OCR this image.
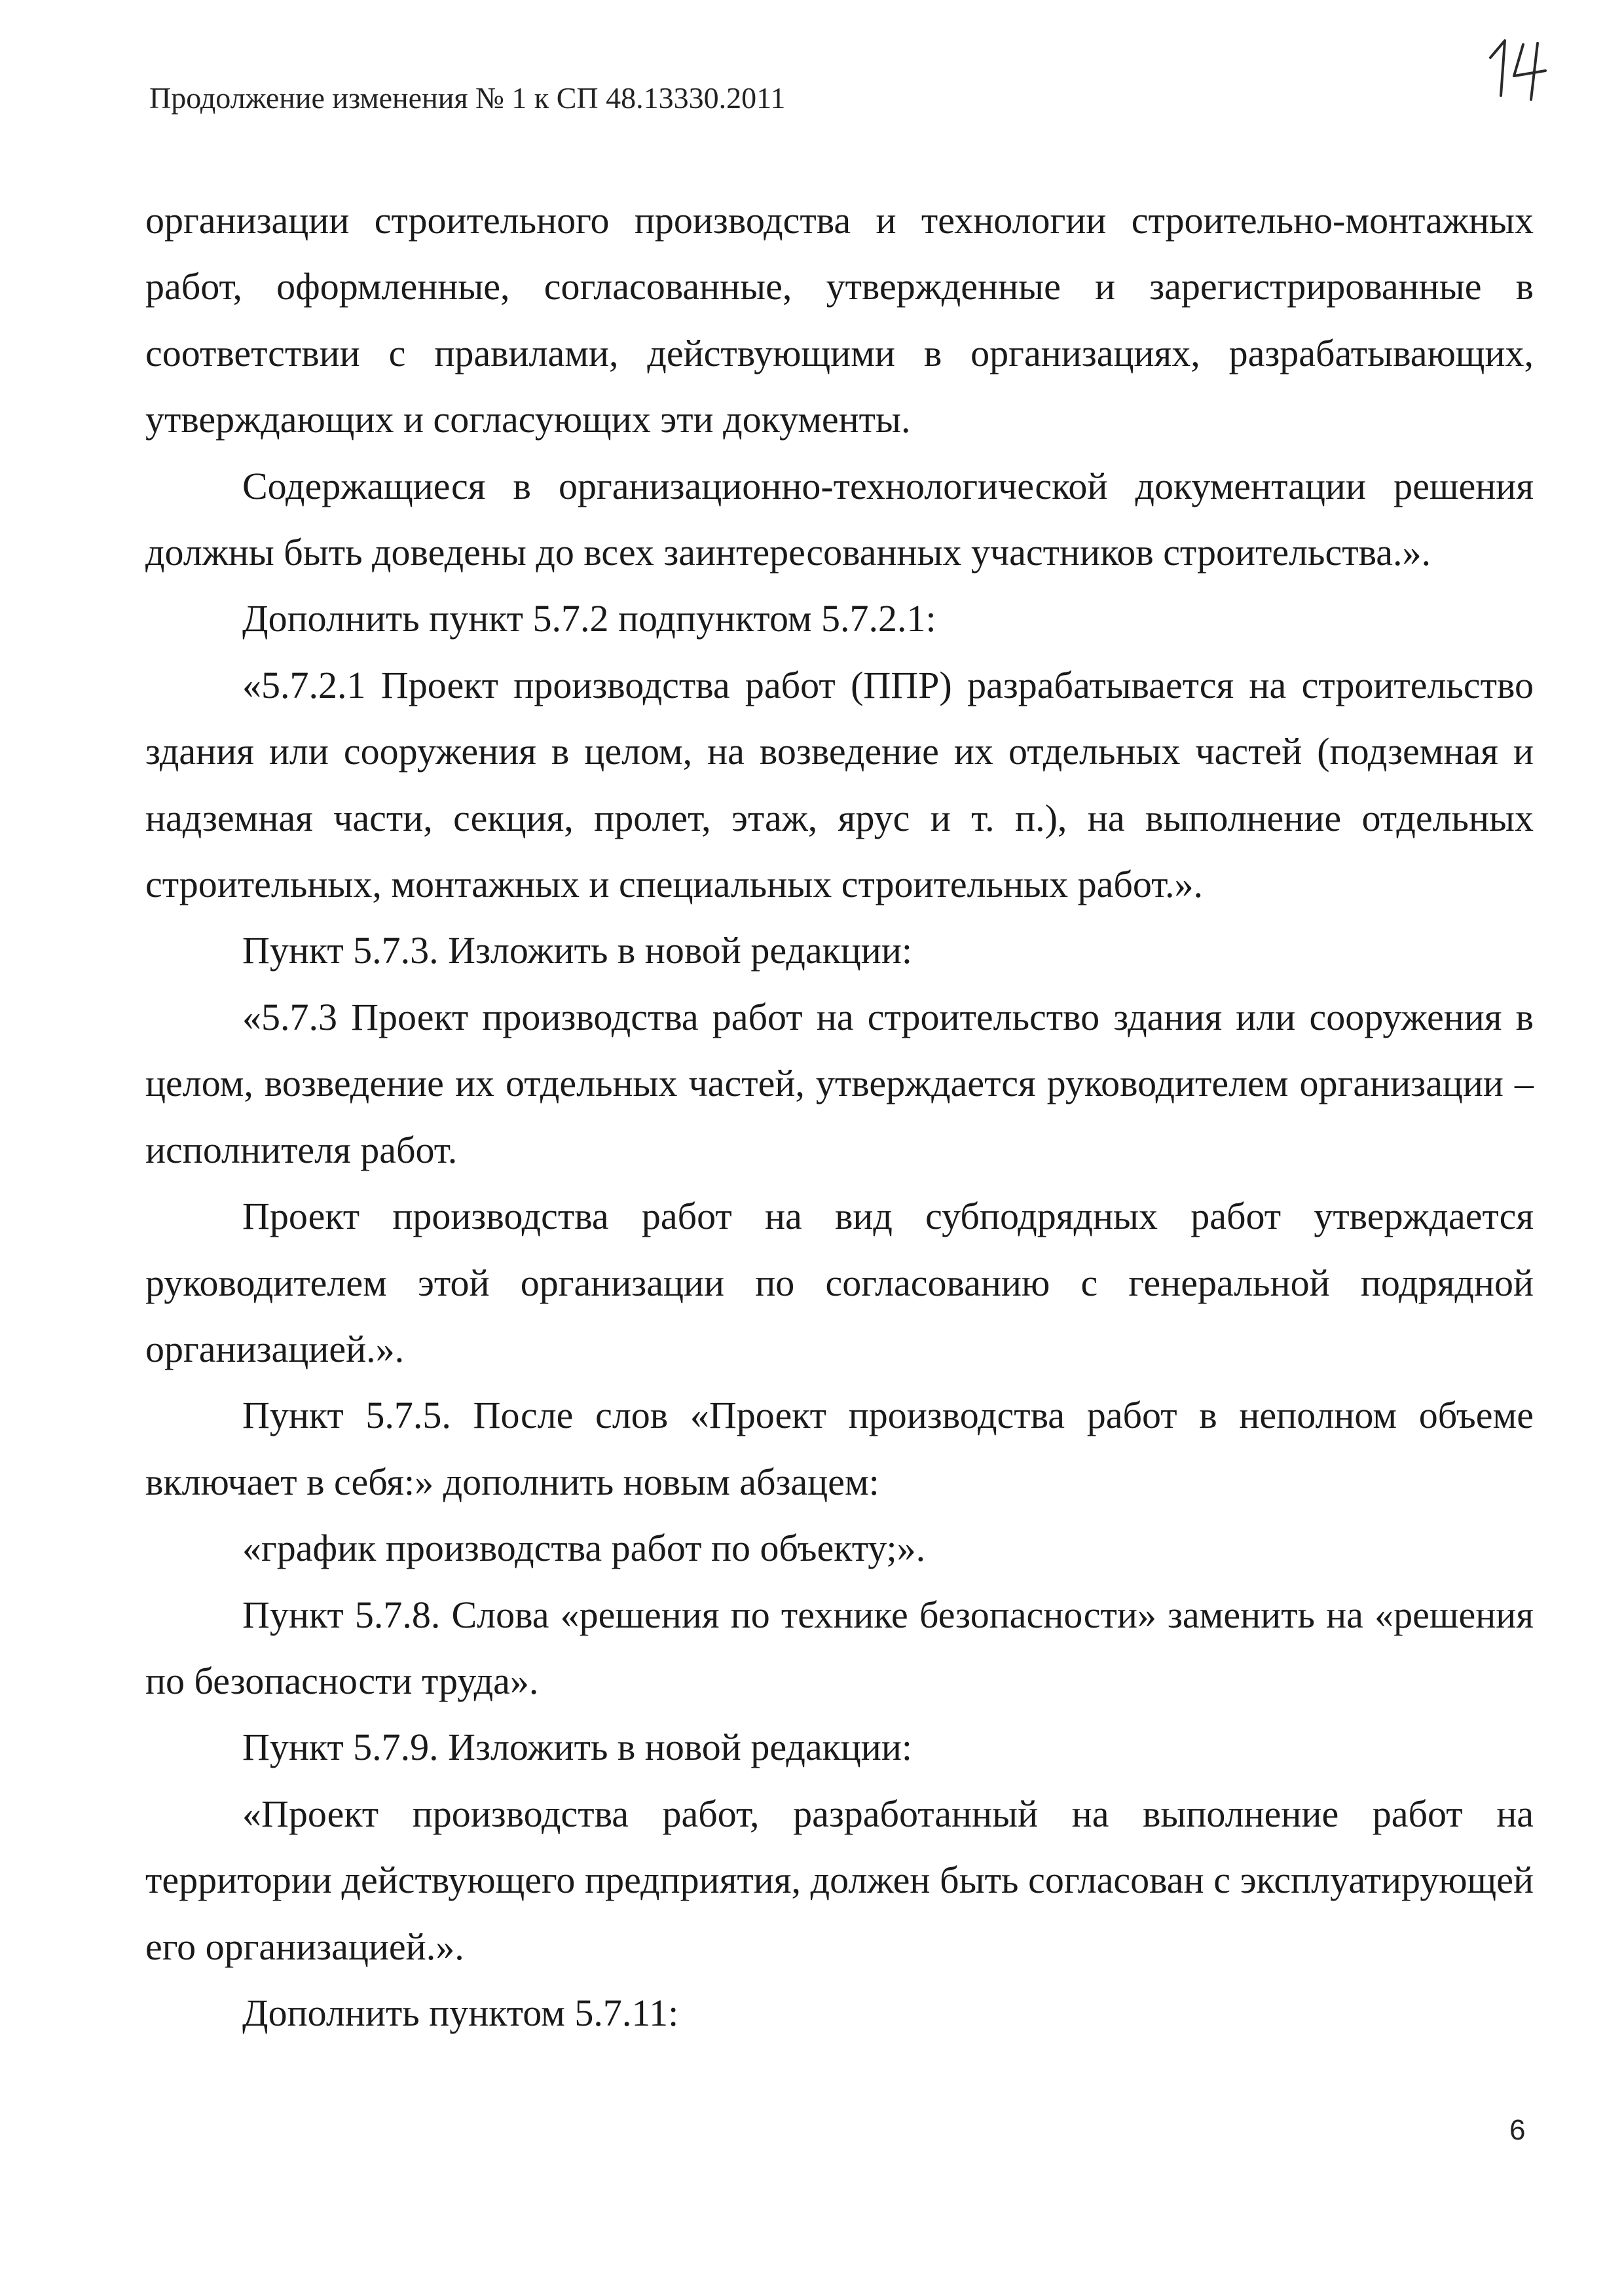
Продолжение изменения № 1 к СП 48.13330.2011

организации строительного производства и технологии строительно-монтажных работ, оформленные, согласованные, утвержденные и зарегистрированные в соответствии с правилами, действующими в организациях, разрабатывающих, утверждающих и согласующих эти документы.

Содержащиеся в организационно-технологической документации решения должны быть доведены до всех заинтересованных участников строительства.».

Дополнить пункт 5.7.2 подпунктом 5.7.2.1:

«5.7.2.1 Проект производства работ (ППР) разрабатывается на строительство здания или сооружения в целом, на возведение их отдельных частей (подземная и надземная части, секция, пролет, этаж, ярус и т. п.), на выполнение отдельных строительных, монтажных и специальных строительных работ.».

Пункт 5.7.3. Изложить в новой редакции:

«5.7.3 Проект производства работ на строительство здания или сооружения в целом, возведение их отдельных частей, утверждается руководителем организации – исполнителя работ.

Проект производства работ на вид субподрядных работ утверждается руководителем этой организации по согласованию с генеральной подрядной организацией.».

Пункт 5.7.5. После слов «Проект производства работ в неполном объеме включает в себя:» дополнить новым абзацем:

«график производства работ по объекту;».

Пункт 5.7.8. Слова «решения по технике безопасности» заменить на «решения по безопасности труда».

Пункт 5.7.9. Изложить в новой редакции:

«Проект производства работ, разработанный на выполнение работ на территории действующего предприятия, должен быть согласован с эксплуатирующей его организацией.».

Дополнить пунктом 5.7.11:

6
